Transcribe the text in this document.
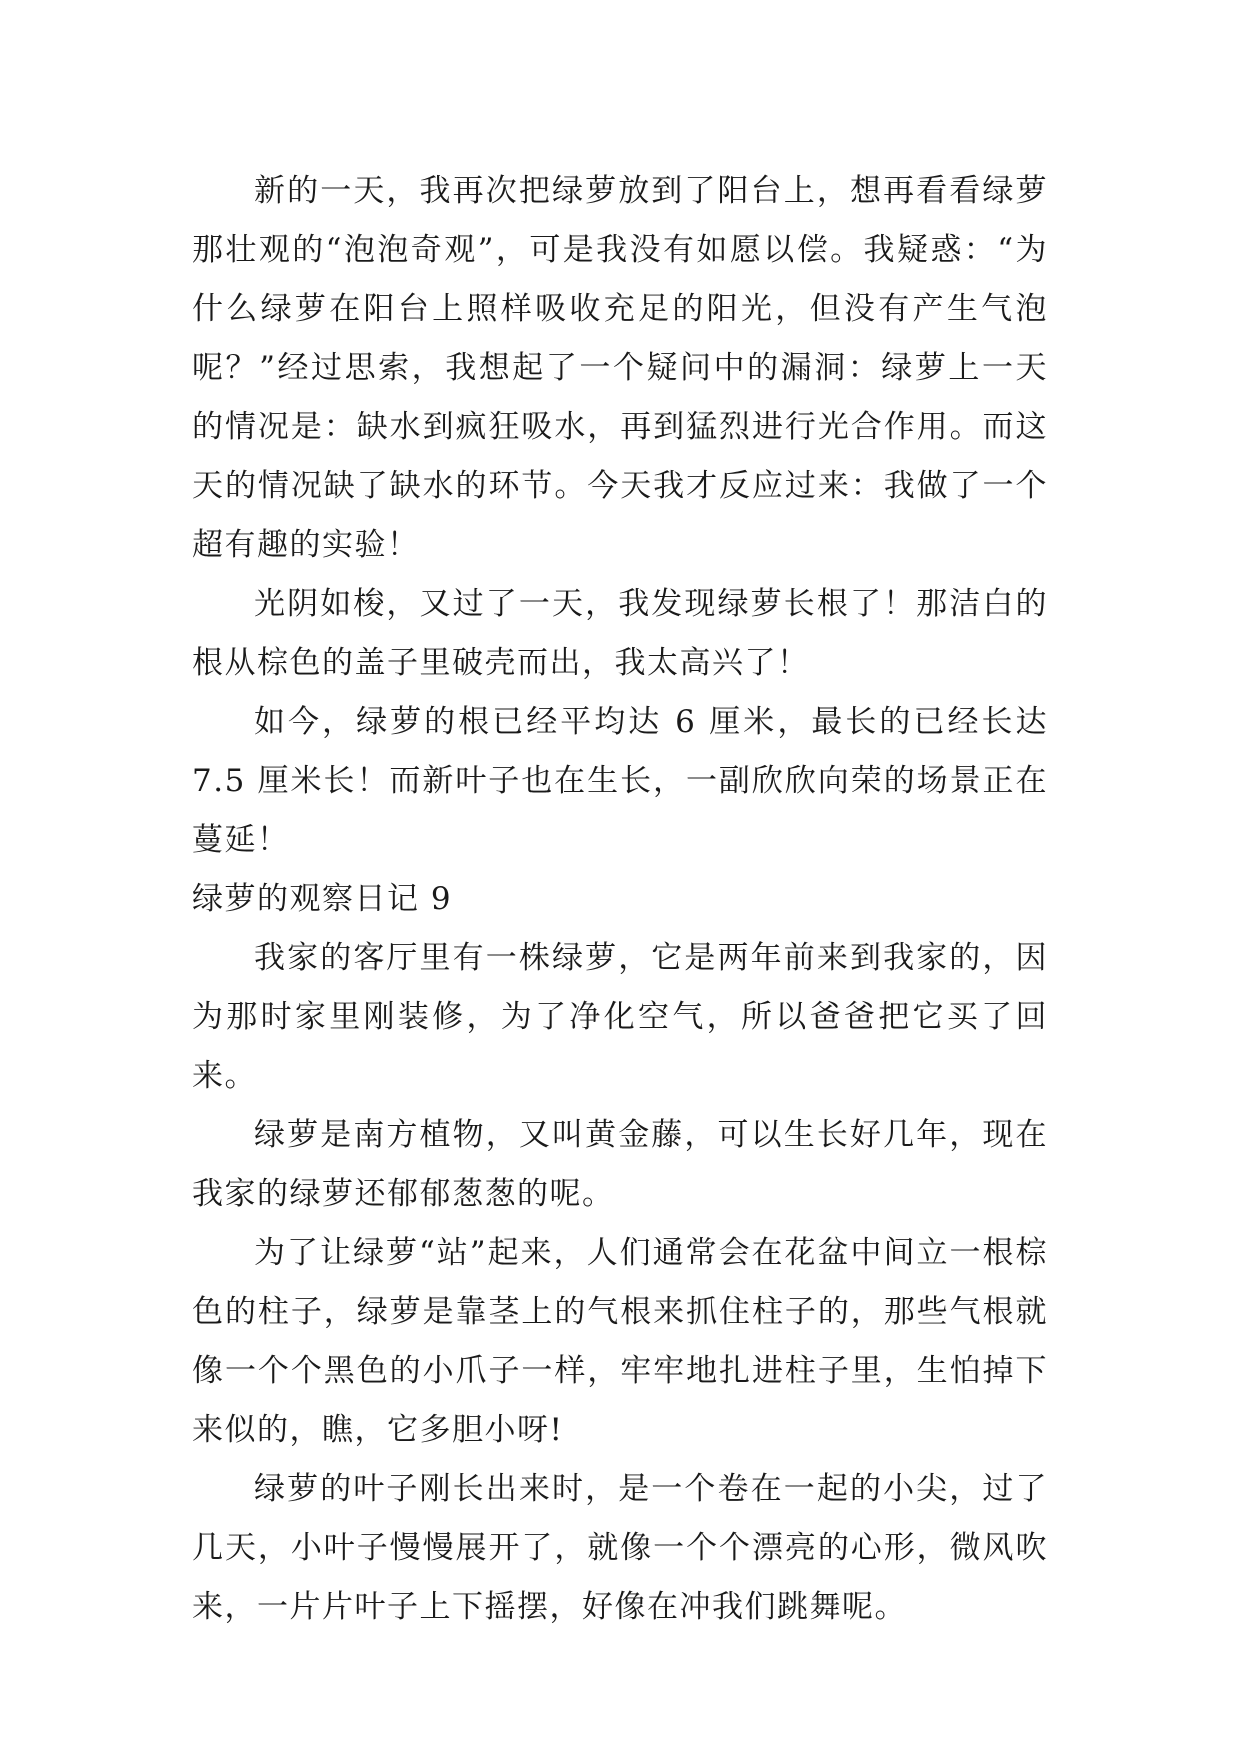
新的一天，我再次把绿萝放到了阳台上，想再看看绿萝那壮观的“泡泡奇观”，可是我没有如愿以偿。我疑惑：“为什么绿萝在阳台上照样吸收充足的阳光，但没有产生气泡呢？”经过思索，我想起了一个疑问中的漏洞：绿萝上一天的情况是：缺水到疯狂吸水，再到猛烈进行光合作用。而这天的情况缺了缺水的环节。今天我才反应过来：我做了一个超有趣的实验！

光阴如梭，又过了一天，我发现绿萝长根了！那洁白的根从棕色的盖子里破壳而出，我太高兴了！

如今，绿萝的根已经平均达 6 厘米，最长的已经长达 7.5 厘米长！而新叶子也在生长，一副欣欣向荣的场景正在蔓延！

绿萝的观察日记 9

我家的客厅里有一株绿萝，它是两年前来到我家的，因为那时家里刚装修，为了净化空气，所以爸爸把它买了回来。

绿萝是南方植物，又叫黄金藤，可以生长好几年，现在我家的绿萝还郁郁葱葱的呢。

为了让绿萝“站”起来，人们通常会在花盆中间立一根棕色的柱子，绿萝是靠茎上的气根来抓住柱子的，那些气根就像一个个黑色的小爪子一样，牢牢地扎进柱子里，生怕掉下来似的，瞧，它多胆小呀!

绿萝的叶子刚长出来时，是一个卷在一起的小尖，过了几天，小叶子慢慢展开了，就像一个个漂亮的心形，微风吹来，一片片叶子上下摇摆，好像在冲我们跳舞呢。
